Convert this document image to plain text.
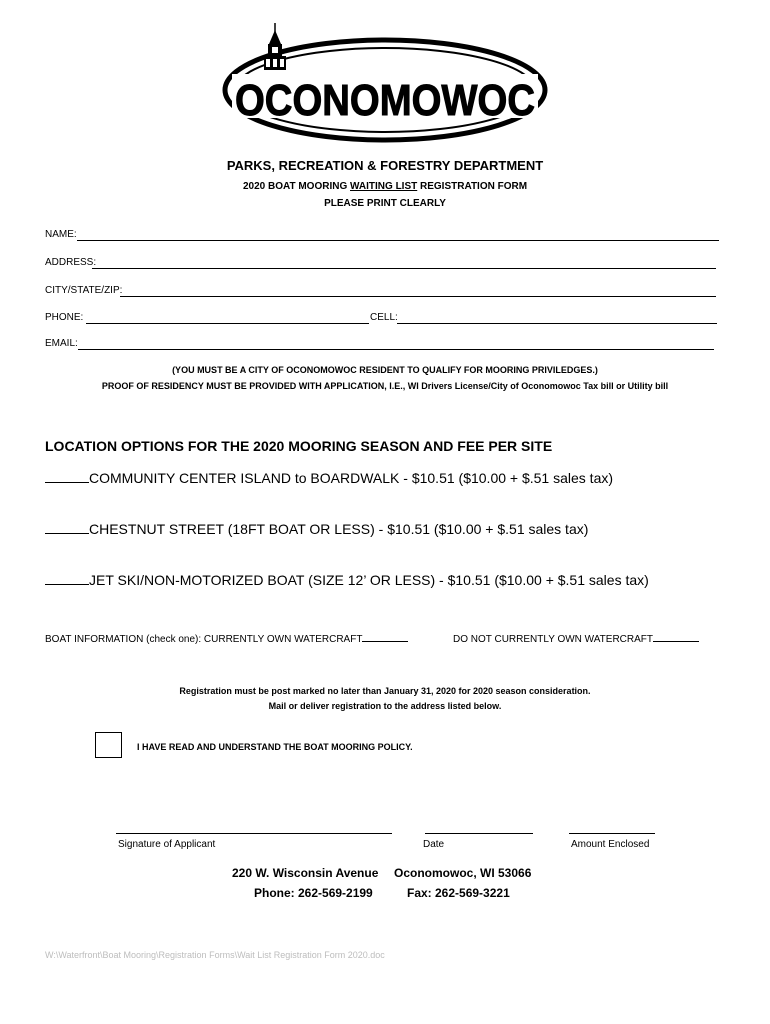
OCONOMOWOC
PARKS, RECREATION & FORESTRY DEPARTMENT
2020 BOAT MOORING WAITING LIST REGISTRATION FORM
PLEASE PRINT CLEARLY
NAME:
ADDRESS:
CITY/STATE/ZIP:
PHONE:	CELL:
EMAIL:
(YOU MUST BE A CITY OF OCONOMOWOC RESIDENT TO QUALIFY FOR MOORING PRIVILEDGES.)
PROOF OF RESIDENCY MUST BE PROVIDED WITH APPLICATION, I.E., WI Drivers License/City of Oconomowoc Tax bill or Utility bill
LOCATION OPTIONS FOR THE 2020 MOORING SEASON AND FEE PER SITE
COMMUNITY CENTER ISLAND to BOARDWALK - $10.51 ($10.00 + $.51 sales tax)
CHESTNUT STREET (18FT BOAT OR LESS) - $10.51 ($10.00 + $.51 sales tax)
JET SKI/NON-MOTORIZED BOAT (SIZE 12’ OR LESS) - $10.51 ($10.00 + $.51 sales tax)
BOAT INFORMATION (check one): CURRENTLY OWN WATERCRAFT	DO NOT CURRENTLY OWN WATERCRAFT
Registration must be post marked no later than January 31, 2020 for 2020 season consideration.
Mail or deliver registration to the address listed below.
I HAVE READ AND UNDERSTAND THE BOAT MOORING POLICY.
Signature of Applicant	Date	Amount Enclosed
220 W. Wisconsin Avenue Oconomowoc, WI 53066
Phone: 262-569-2199	Fax: 262-569-3221
W:\Waterfront\Boat Mooring\Registration Forms\Wait List Registration Form 2020.doc
